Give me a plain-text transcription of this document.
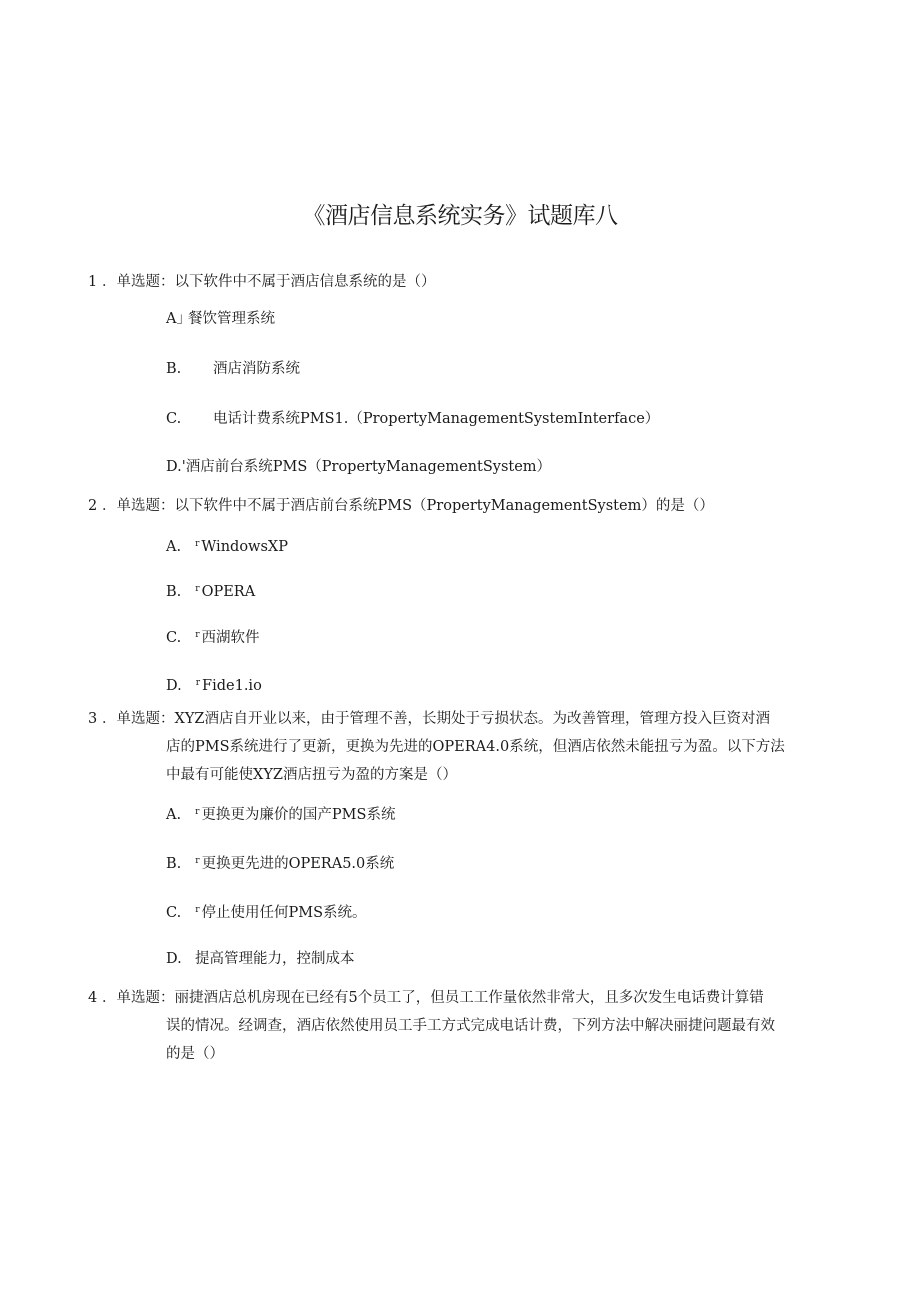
《酒店信息系统实务》试题库八
1 ．单选题：以下软件中不属于酒店信息系统的是（）
A」餐饮管理系统
B. 酒店消防系统
C. 电话计费系统PMS1.（PropertyManagementSystemInterface）
D.'酒店前台系统PMS（PropertyManagementSystem）
2 ．单选题：以下软件中不属于酒店前台系统PMS（PropertyManagementSystem）的是（）
A. r WindowsXP
B. r OPERA
C. r 西湖软件
D. r Fide1.io
3 ．单选题：XYZ酒店自开业以来，由于管理不善，长期处于亏损状态。为改善管理，管理方投入巨资对酒
店的PMS系统进行了更新，更换为先进的OPERA4.0系统，但酒店依然未能扭亏为盈。以下方法
中最有可能使XYZ酒店扭亏为盈的方案是（）
A. r 更换更为廉价的国产PMS系统
B. r 更换更先进的OPERA5.0系统
C. r 停止使用任何PMS系统。
D. 提高管理能力，控制成本
4 ．单选题：丽捷酒店总机房现在已经有5个员工了，但员工工作量依然非常大，且多次发生电话费计算错
误的情况。经调查，酒店依然使用员工手工方式完成电话计费，下列方法中解决丽捷问题最有效
的是（）
